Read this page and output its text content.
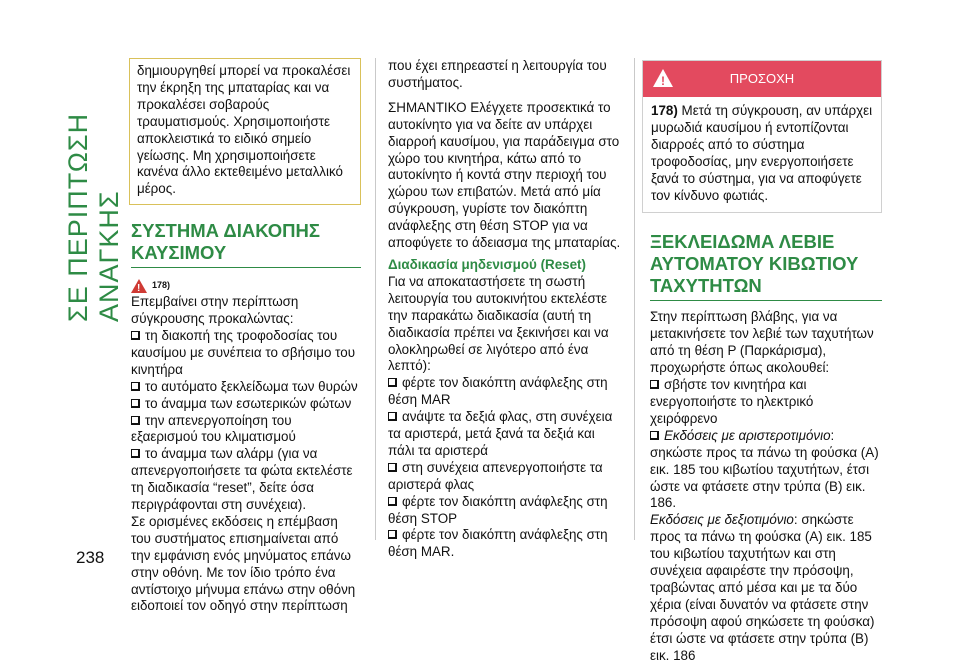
ΣΕ ΠΕΡΙΠΤΩΣΗ ΑΝΑΓΚΗΣ
238

δημιουργηθεί μπορεί να προκαλέσει την έκρηξη της μπαταρίας και να προκαλέσει σοβαρούς τραυματισμούς. Χρησιμοποιήστε αποκλειστικά το ειδικό σημείο γείωσης. Μη χρησιμοποιήσετε κανένα άλλο εκτεθειμένο μεταλλικό μέρος.

ΣΥΣΤΗΜΑ ΔΙΑΚΟΠΗΣ ΚΑΥΣΙΜΟΥ
!
178)

Επεμβαίνει στην περίπτωση σύγκρουσης προκαλώντας:

τη διακοπή της τροφοδοσίας του καυσίμου με συνέπεια το σβήσιμο του κινητήρα

το αυτόματο ξεκλείδωμα των θυρών

το άναμμα των εσωτερικών φώτων

την απενεργοποίηση του εξαερισμού του κλιματισμού

το άναμμα των αλάρμ (για να απενεργοποιήσετε τα φώτα εκτελέστε τη διαδικασία “reset”, δείτε όσα περιγράφονται στη συνέχεια).

Σε ορισμένες εκδόσεις η επέμβαση του συστήματος επισημαίνεται από την εμφάνιση ενός μηνύματος επάνω στην οθόνη. Με τον ίδιο τρόπο ένα αντίστοιχο μήνυμα επάνω στην οθόνη ειδοποιεί τον οδηγό στην περίπτωση

που έχει επηρεαστεί η λειτουργία του συστήματος.

ΣΗΜΑΝΤΙΚΟ Ελέγχετε προσεκτικά το αυτοκίνητο για να δείτε αν υπάρχει διαρροή καυσίμου, για παράδειγμα στο χώρο του κινητήρα, κάτω από το αυτοκίνητο ή κοντά στην περιοχή του χώρου των επιβατών. Μετά από μία σύγκρουση, γυρίστε τον διακόπτη ανάφλεξης στη θέση STOP για να αποφύγετε το άδειασμα της μπαταρίας.

Διαδικασία μηδενισμού (Reset)

Για να αποκαταστήσετε τη σωστή λειτουργία του αυτοκινήτου εκτελέστε την παρακάτω διαδικασία (αυτή τη διαδικασία πρέπει να ξεκινήσει και να ολοκληρωθεί σε λιγότερο από ένα λεπτό):

φέρτε τον διακόπτη ανάφλεξης στη θέση MAR

ανάψτε τα δεξιά φλας, στη συνέχεια τα αριστερά, μετά ξανά τα δεξιά και πάλι τα αριστερά

στη συνέχεια απενεργοποιήστε τα αριστερά φλας

φέρτε τον διακόπτη ανάφλεξης στη θέση STOP

φέρτε τον διακόπτη ανάφλεξης στη θέση MAR.

!
ΠΡΟΣΟΧΗ

178) Μετά τη σύγκρουση, αν υπάρχει μυρωδιά καυσίμου ή εντοπίζονται διαρροές από το σύστημα τροφοδοσίας, μην ενεργοποιήσετε ξανά το σύστημα, για να αποφύγετε τον κίνδυνο φωτιάς.

ΞΕΚΛΕΙΔΩΜΑ ΛΕΒΙΕ ΑΥΤΟΜΑΤΟΥ ΚΙΒΩΤΙΟΥ ΤΑΧΥΤΗΤΩΝ

Στην περίπτωση βλάβης, για να μετακινήσετε τον λεβιέ των ταχυτήτων από τη θέση P (Παρκάρισμα), προχωρήστε όπως ακολουθεί:

σβήστε τον κινητήρα και ενεργοποιήστε το ηλεκτρικό χειρόφρενο

Εκδόσεις με αριστεροτιμόνιο: σηκώστε προς τα πάνω τη φούσκα (A) εικ. 185 του κιβωτίου ταχυτήτων, έτσι ώστε να φτάσετε στην τρύπα (B) εικ. 186.

Εκδόσεις με δεξιοτιμόνιο: σηκώστε προς τα πάνω τη φούσκα (A) εικ. 185 του κιβωτίου ταχυτήτων και στη συνέχεια αφαιρέστε την πρόσοψη, τραβώντας από μέσα και με τα δύο χέρια (είναι δυνατόν να φτάσετε στην πρόσοψη αφού σηκώσετε τη φούσκα) έτσι ώστε να φτάσετε στην τρύπα (B) εικ. 186
